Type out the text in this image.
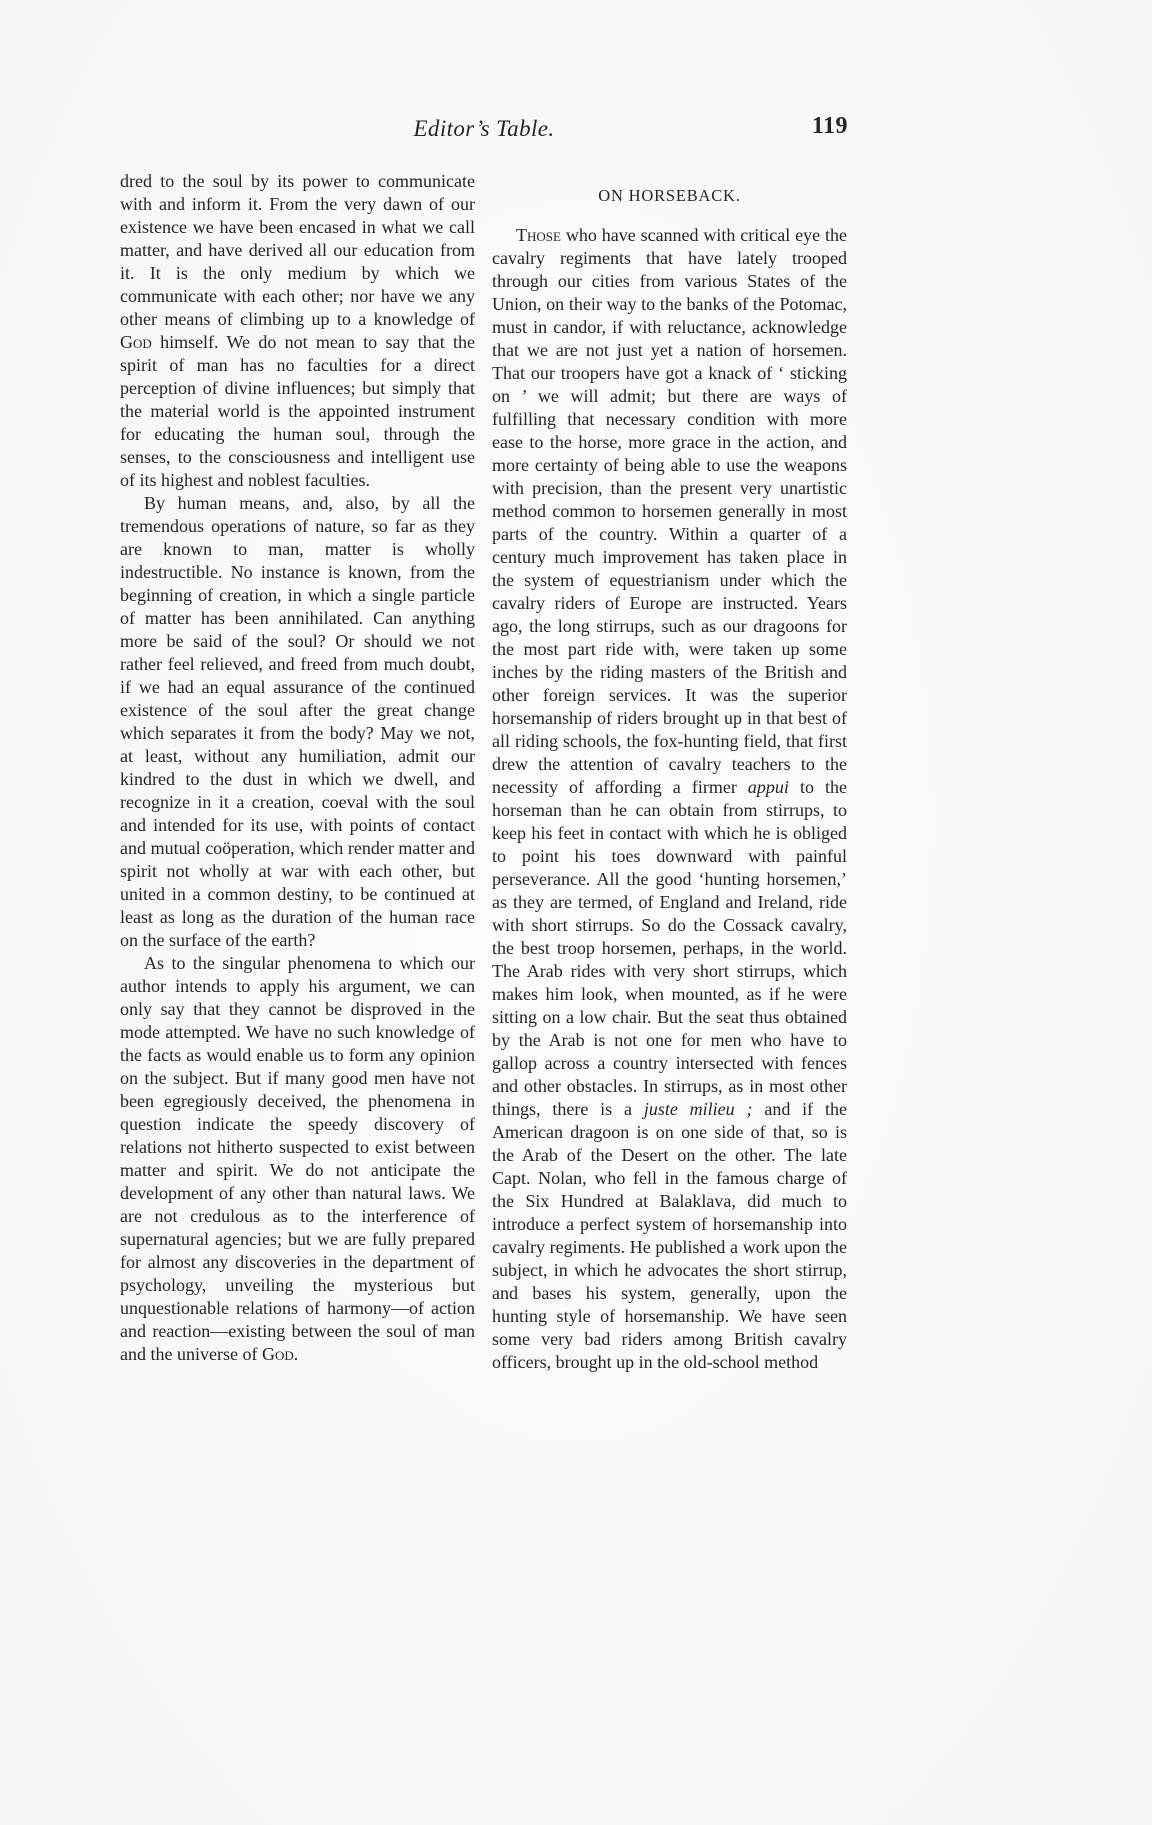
Editor’s Table.	119

dred to the soul by its power to communicate with and inform it. From the very dawn of our existence we have been encased in what we call matter, and have derived all our education from it. It is the only medium by which we communicate with each other; nor have we any other means of climbing up to a knowledge of God himself. We do not mean to say that the spirit of man has no faculties for a direct perception of divine influences; but simply that the material world is the appointed instrument for educating the human soul, through the senses, to the consciousness and intelligent use of its highest and noblest faculties.

By human means, and, also, by all the tremendous operations of nature, so far as they are known to man, matter is wholly indestructible. No instance is known, from the beginning of creation, in which a single particle of matter has been annihilated. Can anything more be said of the soul? Or should we not rather feel relieved, and freed from much doubt, if we had an equal assurance of the continued existence of the soul after the great change which separates it from the body? May we not, at least, without any humiliation, admit our kindred to the dust in which we dwell, and recognize in it a creation, coeval with the soul and intended for its use, with points of contact and mutual coöperation, which render matter and spirit not wholly at war with each other, but united in a common destiny, to be continued at least as long as the duration of the human race on the surface of the earth?

As to the singular phenomena to which our author intends to apply his argument, we can only say that they cannot be disproved in the mode attempted. We have no such knowledge of the facts as would enable us to form any opinion on the subject. But if many good men have not been egregiously deceived, the phenomena in question indicate the speedy discovery of relations not hitherto suspected to exist between matter and spirit. We do not anticipate the development of any other than natural laws. We are not credulous as to the interference of supernatural agencies; but we are fully prepared for almost any discoveries in the department of psychology, unveiling the mysterious but unquestionable relations of harmony—of action and reaction—existing between the soul of man and the universe of God.

ON HORSEBACK.

Those who have scanned with critical eye the cavalry regiments that have lately trooped through our cities from various States of the Union, on their way to the banks of the Potomac, must in candor, if with reluctance, acknowledge that we are not just yet a nation of horsemen. That our troopers have got a knack of ‘ sticking on ’ we will admit; but there are ways of fulfilling that necessary condition with more ease to the horse, more grace in the action, and more certainty of being able to use the weapons with precision, than the present very unartistic method common to horsemen generally in most parts of the country. Within a quarter of a century much improvement has taken place in the system of equestrianism under which the cavalry riders of Europe are instructed. Years ago, the long stirrups, such as our dragoons for the most part ride with, were taken up some inches by the riding masters of the British and other foreign services. It was the superior horsemanship of riders brought up in that best of all riding schools, the fox-hunting field, that first drew the attention of cavalry teachers to the necessity of affording a firmer appui to the horseman than he can obtain from stirrups, to keep his feet in contact with which he is obliged to point his toes downward with painful perseverance. All the good ‘hunting horsemen,’ as they are termed, of England and Ireland, ride with short stirrups. So do the Cossack cavalry, the best troop horsemen, perhaps, in the world. The Arab rides with very short stirrups, which makes him look, when mounted, as if he were sitting on a low chair. But the seat thus obtained by the Arab is not one for men who have to gallop across a country intersected with fences and other obstacles. In stirrups, as in most other things, there is a juste milieu ; and if the American dragoon is on one side of that, so is the Arab of the Desert on the other. The late Capt. Nolan, who fell in the famous charge of the Six Hundred at Balaklava, did much to introduce a perfect system of horsemanship into cavalry regiments. He published a work upon the subject, in which he advocates the short stirrup, and bases his system, generally, upon the hunting style of horsemanship. We have seen some very bad riders among British cavalry officers, brought up in the old-school method
